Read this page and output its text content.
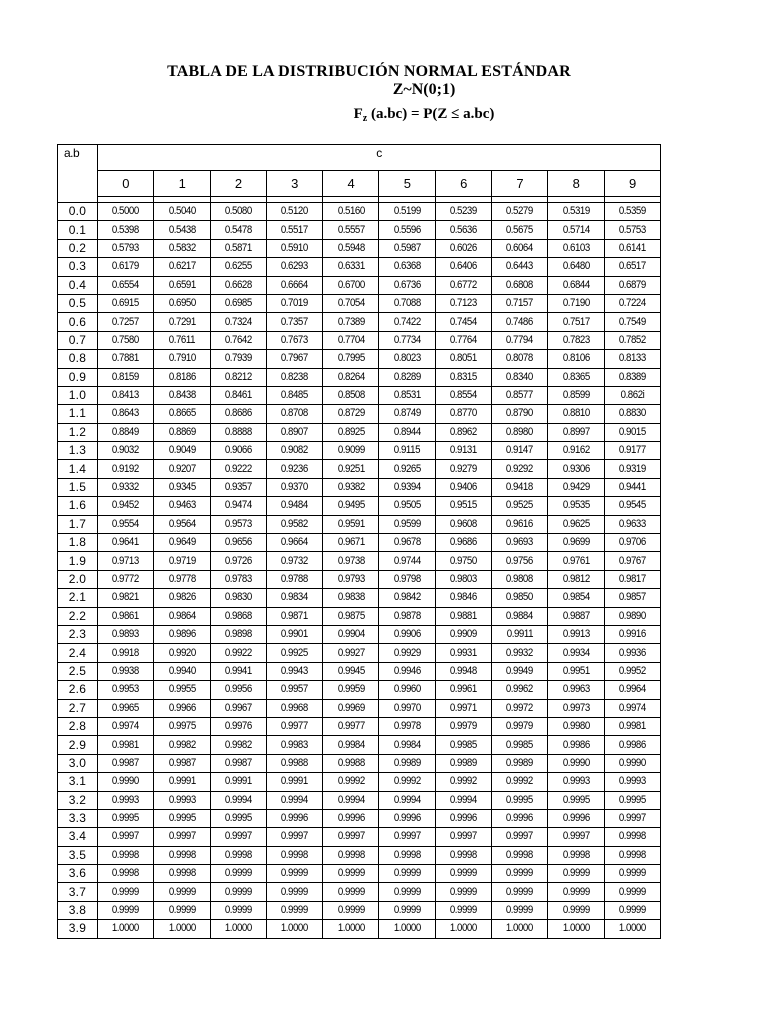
TABLA DE LA DISTRIBUCIÓN NORMAL ESTÁNDAR
Z~N(0;1)
$F_z$ (a.bc) = P(Z ≤ a.bc)
a.b	c									
	0	1	2	3	4	5	6	7	8	9

0.0	0.5000	0.5040	0.5080	0.5120	0.5160	0.5199	0.5239	0.5279	0.5319	0.5359
0.1	0.5398	0.5438	0.5478	0.5517	0.5557	0.5596	0.5636	0.5675	0.5714	0.5753
0.2	0.5793	0.5832	0.5871	0.5910	0.5948	0.5987	0.6026	0.6064	0.6103	0.6141
0.3	0.6179	0.6217	0.6255	0.6293	0.6331	0.6368	0.6406	0.6443	0.6480	0.6517
0.4	0.6554	0.6591	0.6628	0.6664	0.6700	0.6736	0.6772	0.6808	0.6844	0.6879
0.5	0.6915	0.6950	0.6985	0.7019	0.7054	0.7088	0.7123	0.7157	0.7190	0.7224
0.6	0.7257	0.7291	0.7324	0.7357	0.7389	0.7422	0.7454	0.7486	0.7517	0.7549
0.7	0.7580	0.7611	0.7642	0.7673	0.7704	0.7734	0.7764	0.7794	0.7823	0.7852
0.8	0.7881	0.7910	0.7939	0.7967	0.7995	0.8023	0.8051	0.8078	0.8106	0.8133
0.9	0.8159	0.8186	0.8212	0.8238	0.8264	0.8289	0.8315	0.8340	0.8365	0.8389
1.0	0.8413	0.8438	0.8461	0.8485	0.8508	0.8531	0.8554	0.8577	0.8599	0.862i
1.1	0.8643	0.8665	0.8686	0.8708	0.8729	0.8749	0.8770	0.8790	0.8810	0.8830
1.2	0.8849	0.8869	0.8888	0.8907	0.8925	0.8944	0.8962	0.8980	0.8997	0.9015
1.3	0.9032	0.9049	0.9066	0.9082	0.9099	0.9115	0.9131	0.9147	0.9162	0.9177
1.4	0.9192	0.9207	0.9222	0.9236	0.9251	0.9265	0.9279	0.9292	0.9306	0.9319
1.5	0.9332	0.9345	0.9357	0.9370	0.9382	0.9394	0.9406	0.9418	0.9429	0.9441
1.6	0.9452	0.9463	0.9474	0.9484	0.9495	0.9505	0.9515	0.9525	0.9535	0.9545
1.7	0.9554	0.9564	0.9573	0.9582	0.9591	0.9599	0.9608	0.9616	0.9625	0.9633
1.8	0.9641	0.9649	0.9656	0.9664	0.9671	0.9678	0.9686	0.9693	0.9699	0.9706
1.9	0.9713	0.9719	0.9726	0.9732	0.9738	0.9744	0.9750	0.9756	0.9761	0.9767
2.0	0.9772	0.9778	0.9783	0.9788	0.9793	0.9798	0.9803	0.9808	0.9812	0.9817
2.1	0.9821	0.9826	0.9830	0.9834	0.9838	0.9842	0.9846	0.9850	0.9854	0.9857
2.2	0.9861	0.9864	0.9868	0.9871	0.9875	0.9878	0.9881	0.9884	0.9887	0.9890
2.3	0.9893	0.9896	0.9898	0.9901	0.9904	0.9906	0.9909	0.9911	0.9913	0.9916
2.4	0.9918	0.9920	0.9922	0.9925	0.9927	0.9929	0.9931	0.9932	0.9934	0.9936
2.5	0.9938	0.9940	0.9941	0.9943	0.9945	0.9946	0.9948	0.9949	0.9951	0.9952
2.6	0.9953	0.9955	0.9956	0.9957	0.9959	0.9960	0.9961	0.9962	0.9963	0.9964
2.7	0.9965	0.9966	0.9967	0.9968	0.9969	0.9970	0.9971	0.9972	0.9973	0.9974
2.8	0.9974	0.9975	0.9976	0.9977	0.9977	0.9978	0.9979	0.9979	0.9980	0.9981
2.9	0.9981	0.9982	0.9982	0.9983	0.9984	0.9984	0.9985	0.9985	0.9986	0.9986
3.0	0.9987	0.9987	0.9987	0.9988	0.9988	0.9989	0.9989	0.9989	0.9990	0.9990
3.1	0.9990	0.9991	0.9991	0.9991	0.9992	0.9992	0.9992	0.9992	0.9993	0.9993
3.2	0.9993	0.9993	0.9994	0.9994	0.9994	0.9994	0.9994	0.9995	0.9995	0.9995
3.3	0.9995	0.9995	0.9995	0.9996	0.9996	0.9996	0.9996	0.9996	0.9996	0.9997
3.4	0.9997	0.9997	0.9997	0.9997	0.9997	0.9997	0.9997	0.9997	0.9997	0.9998
3.5	0.9998	0.9998	0.9998	0.9998	0.9998	0.9998	0.9998	0.9998	0.9998	0.9998
3.6	0.9998	0.9998	0.9999	0.9999	0.9999	0.9999	0.9999	0.9999	0.9999	0.9999
3.7	0.9999	0.9999	0.9999	0.9999	0.9999	0.9999	0.9999	0.9999	0.9999	0.9999
3.8	0.9999	0.9999	0.9999	0.9999	0.9999	0.9999	0.9999	0.9999	0.9999	0.9999
3.9	1.0000	1.0000	1.0000	1.0000	1.0000	1.0000	1.0000	1.0000	1.0000	1.0000
